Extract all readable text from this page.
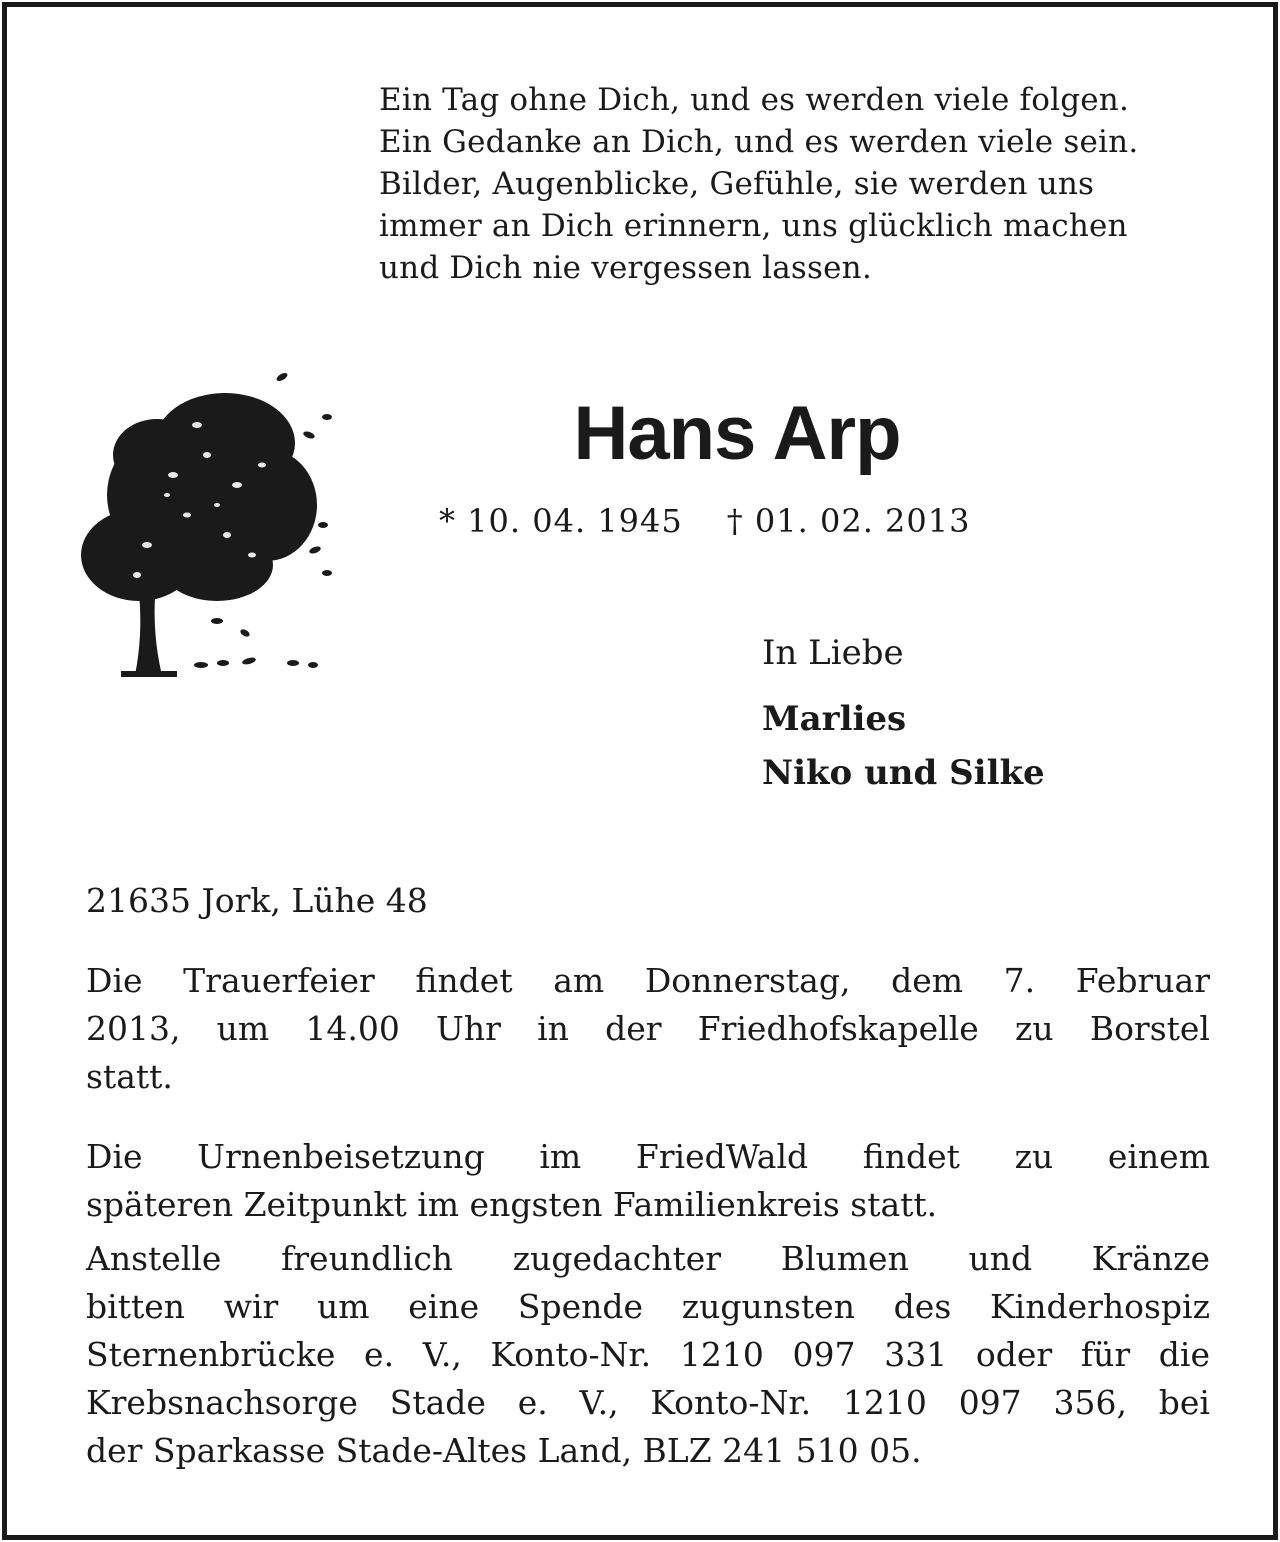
Ein Tag ohne Dich, und es werden viele folgen.
Ein Gedanke an Dich, und es werden viele sein.
Bilder, Augenblicke, Gefühle, sie werden uns
immer an Dich erinnern, uns glücklich machen
und Dich nie vergessen lassen.
Hans Arp
* 10. 04. 1945 † 01. 02. 2013
In Liebe
Marlies
Niko und Silke
21635 Jork, Lühe 48
Die Trauerfeier findet am Donnerstag, dem 7. Februar
2013, um 14.00 Uhr in der Friedhofskapelle zu Borstel
statt.
Die Urnenbeisetzung im FriedWald findet zu einem
späteren Zeitpunkt im engsten Familienkreis statt.
Anstelle freundlich zugedachter Blumen und Kränze
bitten wir um eine Spende zugunsten des Kinderhospiz
Sternenbrücke e. V., Konto-Nr. 1210 097 331 oder für die
Krebsnachsorge Stade e. V., Konto-Nr. 1210 097 356, bei
der Sparkasse Stade-Altes Land, BLZ 241 510 05.
